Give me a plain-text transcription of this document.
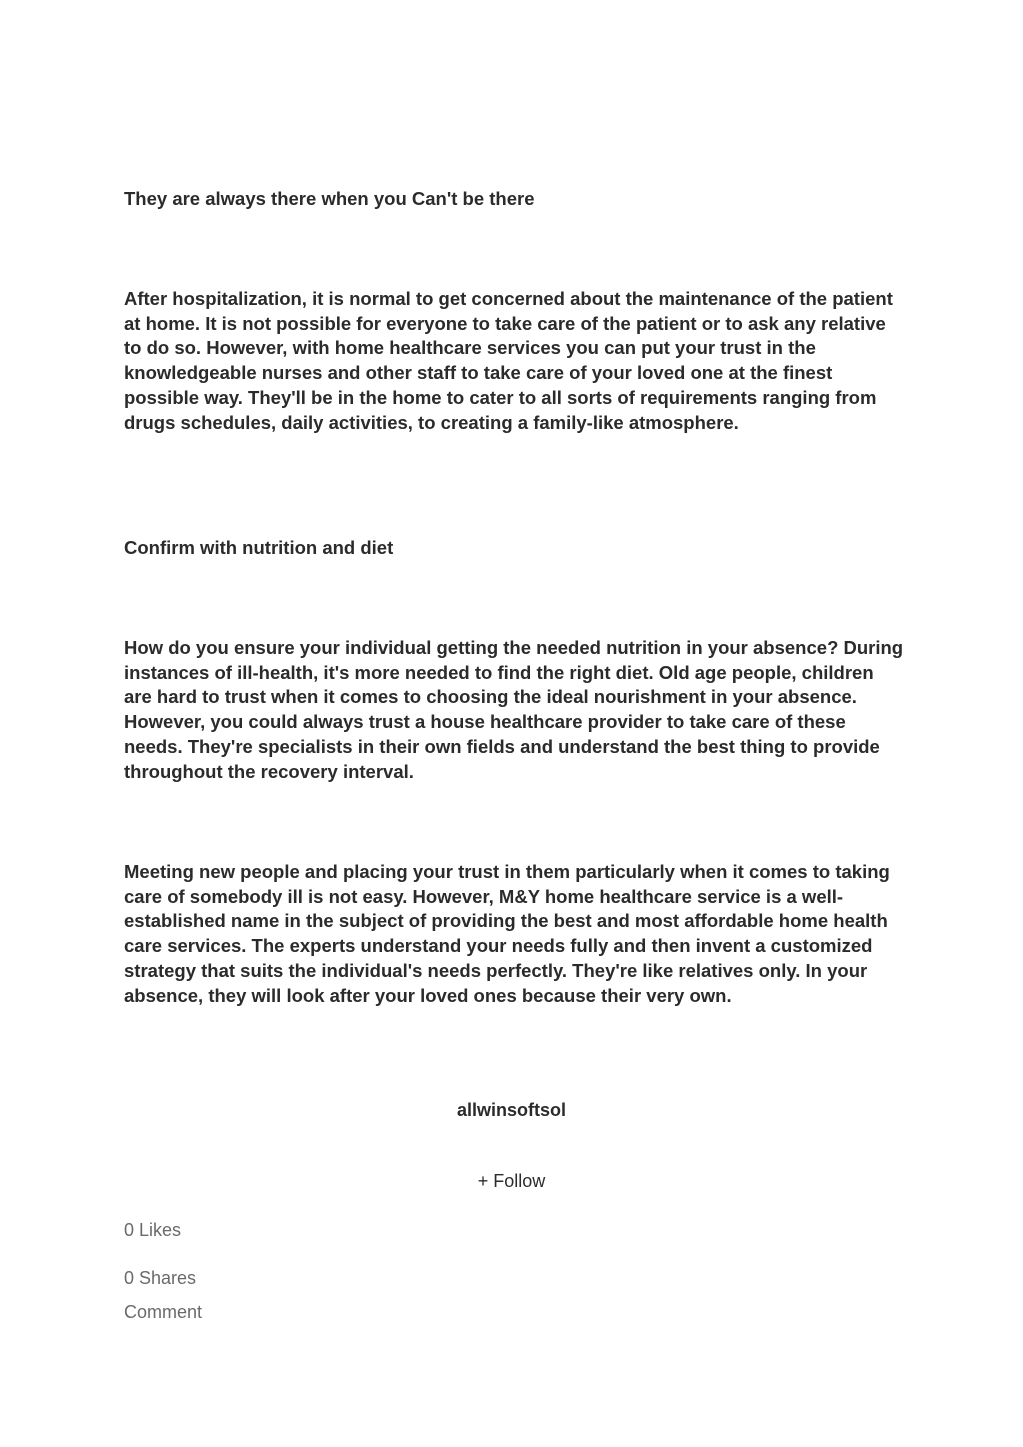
They are always there when you Can't be there

After hospitalization, it is normal to get concerned about the maintenance of the patient at home. It is not possible for everyone to take care of the patient or to ask any relative to do so. However, with home healthcare services you can put your trust in the knowledgeable nurses and other staff to take care of your loved one at the finest possible way. They'll be in the home to cater to all sorts of requirements ranging from drugs schedules, daily activities, to creating a family-like atmosphere.

Confirm with nutrition and diet

How do you ensure your individual getting the needed nutrition in your absence? During instances of ill-health, it's more needed to find the right diet. Old age people, children are hard to trust when it comes to choosing the ideal nourishment in your absence. However, you could always trust a house healthcare provider to take care of these needs. They're specialists in their own fields and understand the best thing to provide throughout the recovery interval.

Meeting new people and placing your trust in them particularly when it comes to taking care of somebody ill is not easy. However, M&Y home healthcare service is a well-established name in the subject of providing the best and most affordable home health care services. The experts understand your needs fully and then invent a customized strategy that suits the individual's needs perfectly. They're like relatives only. In your absence, they will look after your loved ones because their very own.

allwinsoftsol
+ Follow

0 Likes

0 Shares

Comment
